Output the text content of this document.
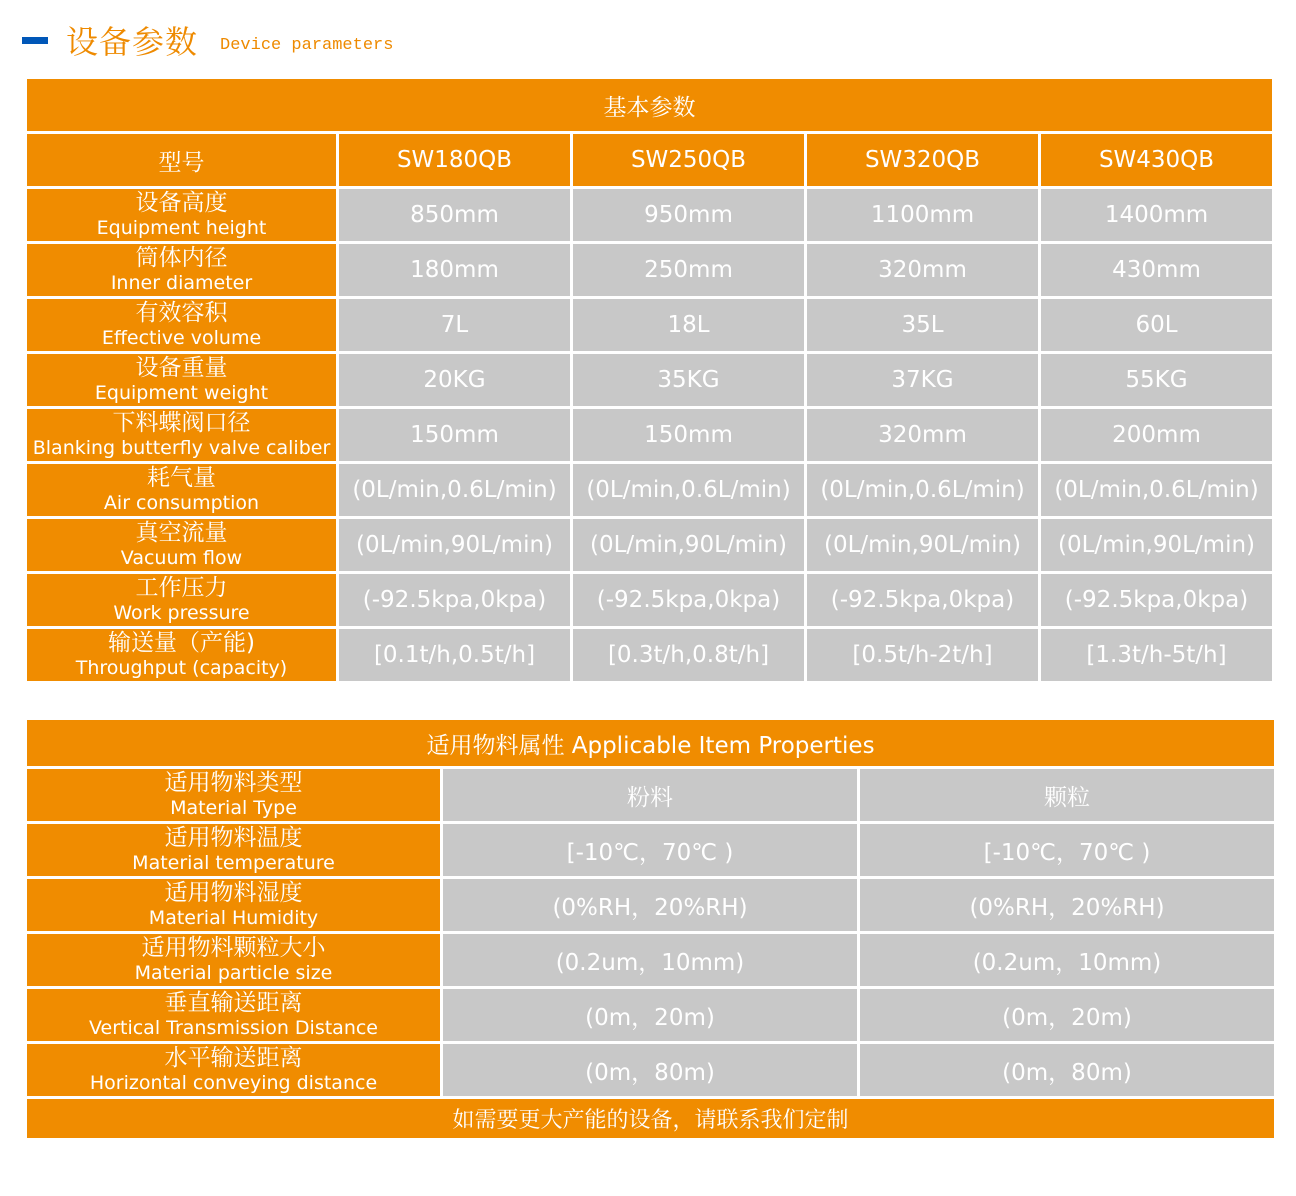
设备参数 Device parameters
基本参数				
型号	SW180QB	SW250QB	SW320QB	SW430QB

设备高度
Equipment height	850mm	950mm	1100mm	1400mm

筒体内径
Inner diameter	180mm	250mm	320mm	430mm

有效容积
Effective volume	7L	18L	35L	60L

设备重量
Equipment weight	20KG	35KG	37KG	55KG

下料蝶阀口径
Blanking butterfly valve caliber	150mm	150mm	320mm	200mm

耗气量
Air consumption	(0L/min,0.6L/min)	(0L/min,0.6L/min)	(0L/min,0.6L/min)	(0L/min,0.6L/min)

真空流量
Vacuum flow	(0L/min,90L/min)	(0L/min,90L/min)	(0L/min,90L/min)	(0L/min,90L/min)

工作压力
Work pressure	(-92.5kpa,0kpa)	(-92.5kpa,0kpa)	(-92.5kpa,0kpa)	(-92.5kpa,0kpa)

输送量（产能)
Throughput (capacity)	[0.1t/h,0.5t/h]	[0.3t/h,0.8t/h]	[0.5t/h-2t/h]	[1.3t/h-5t/h]
适用物料属性 Applicable Item Properties		

适用物料类型
Material Type	粉料	颗粒

适用物料温度
Material temperature	[-10℃，70℃ )	[-10℃，70℃ )

适用物料湿度
Material Humidity	(0%RH，20%RH)	(0%RH，20%RH)

适用物料颗粒大小
Material particle size	(0.2um，10mm)	(0.2um，10mm)

垂直输送距离
Vertical Transmission Distance	(0m，20m)	(0m，20m)

水平输送距离
Horizontal conveying distance	(0m，80m)	(0m，80m)
如需要更大产能的设备，请联系我们定制		
